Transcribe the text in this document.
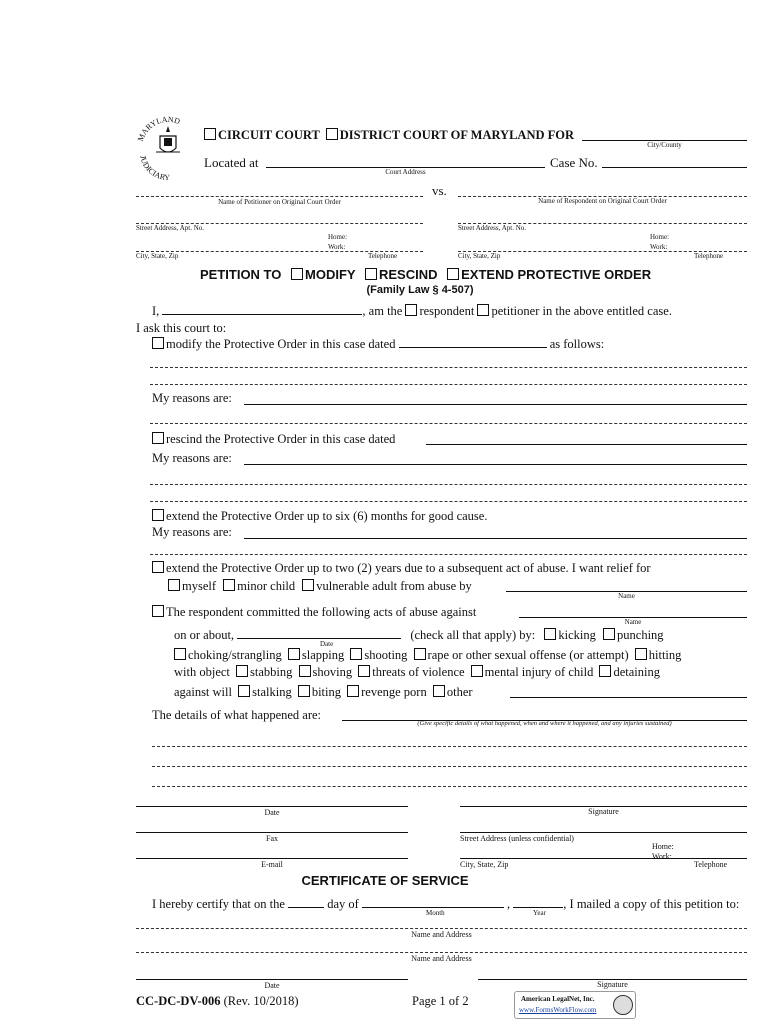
MARYLAND
JUDICIARY
CIRCUIT COURT DISTRICT COURT OF MARYLAND FOR
City/County
Located at
Court Address
Case No.
vs.
Name of Petitioner on Original Court Order	Name of Respondent on Original Court Order
Street Address, Apt. No.	Street Address, Apt. No.
Home:	Home:
Work:	Work:
City, State, Zip	Telephone	City, State, Zip	Telephone
PETITION TO MODIFY RESCIND EXTEND PROTECTIVE ORDER
(Family Law § 4-507)
I,	, am the respondent petitioner in the above entitled case.
I ask this court to:
modify the Protective Order in this case dated	as follows:
My reasons are:
rescind the Protective Order in this case dated
My reasons are:
extend the Protective Order up to six (6) months for good cause.
My reasons are:
extend the Protective Order up to two (2) years due to a subsequent act of abuse. I want relief for
myself minor child vulnerable adult from abuse by
Name
The respondent committed the following acts of abuse against
Name
on or about,	(check all that apply) by: kicking punching
Date
choking/strangling slapping shooting rape or other sexual offense (or attempt) hitting
with object stabbing shoving threats of violence mental injury of child detaining
against will stalking biting revenge porn other
The details of what happened are:
(Give specific details of what happened, when and where it happened, and any injuries sustained)
Date	Signature
Fax	Street Address (unless confidential)
Home:
Work:
E-mail	City, State, Zip	Telephone
CERTIFICATE OF SERVICE
I hereby certify that on the	day of	,	, I mailed a copy of this petition to:
Month	Year
Name and Address
Name and Address
Date	Signature
CC-DC-DV-006 (Rev. 10/2018)	Page 1 of 2	American LegalNet, Inc.
www.FormsWorkFlow.com
